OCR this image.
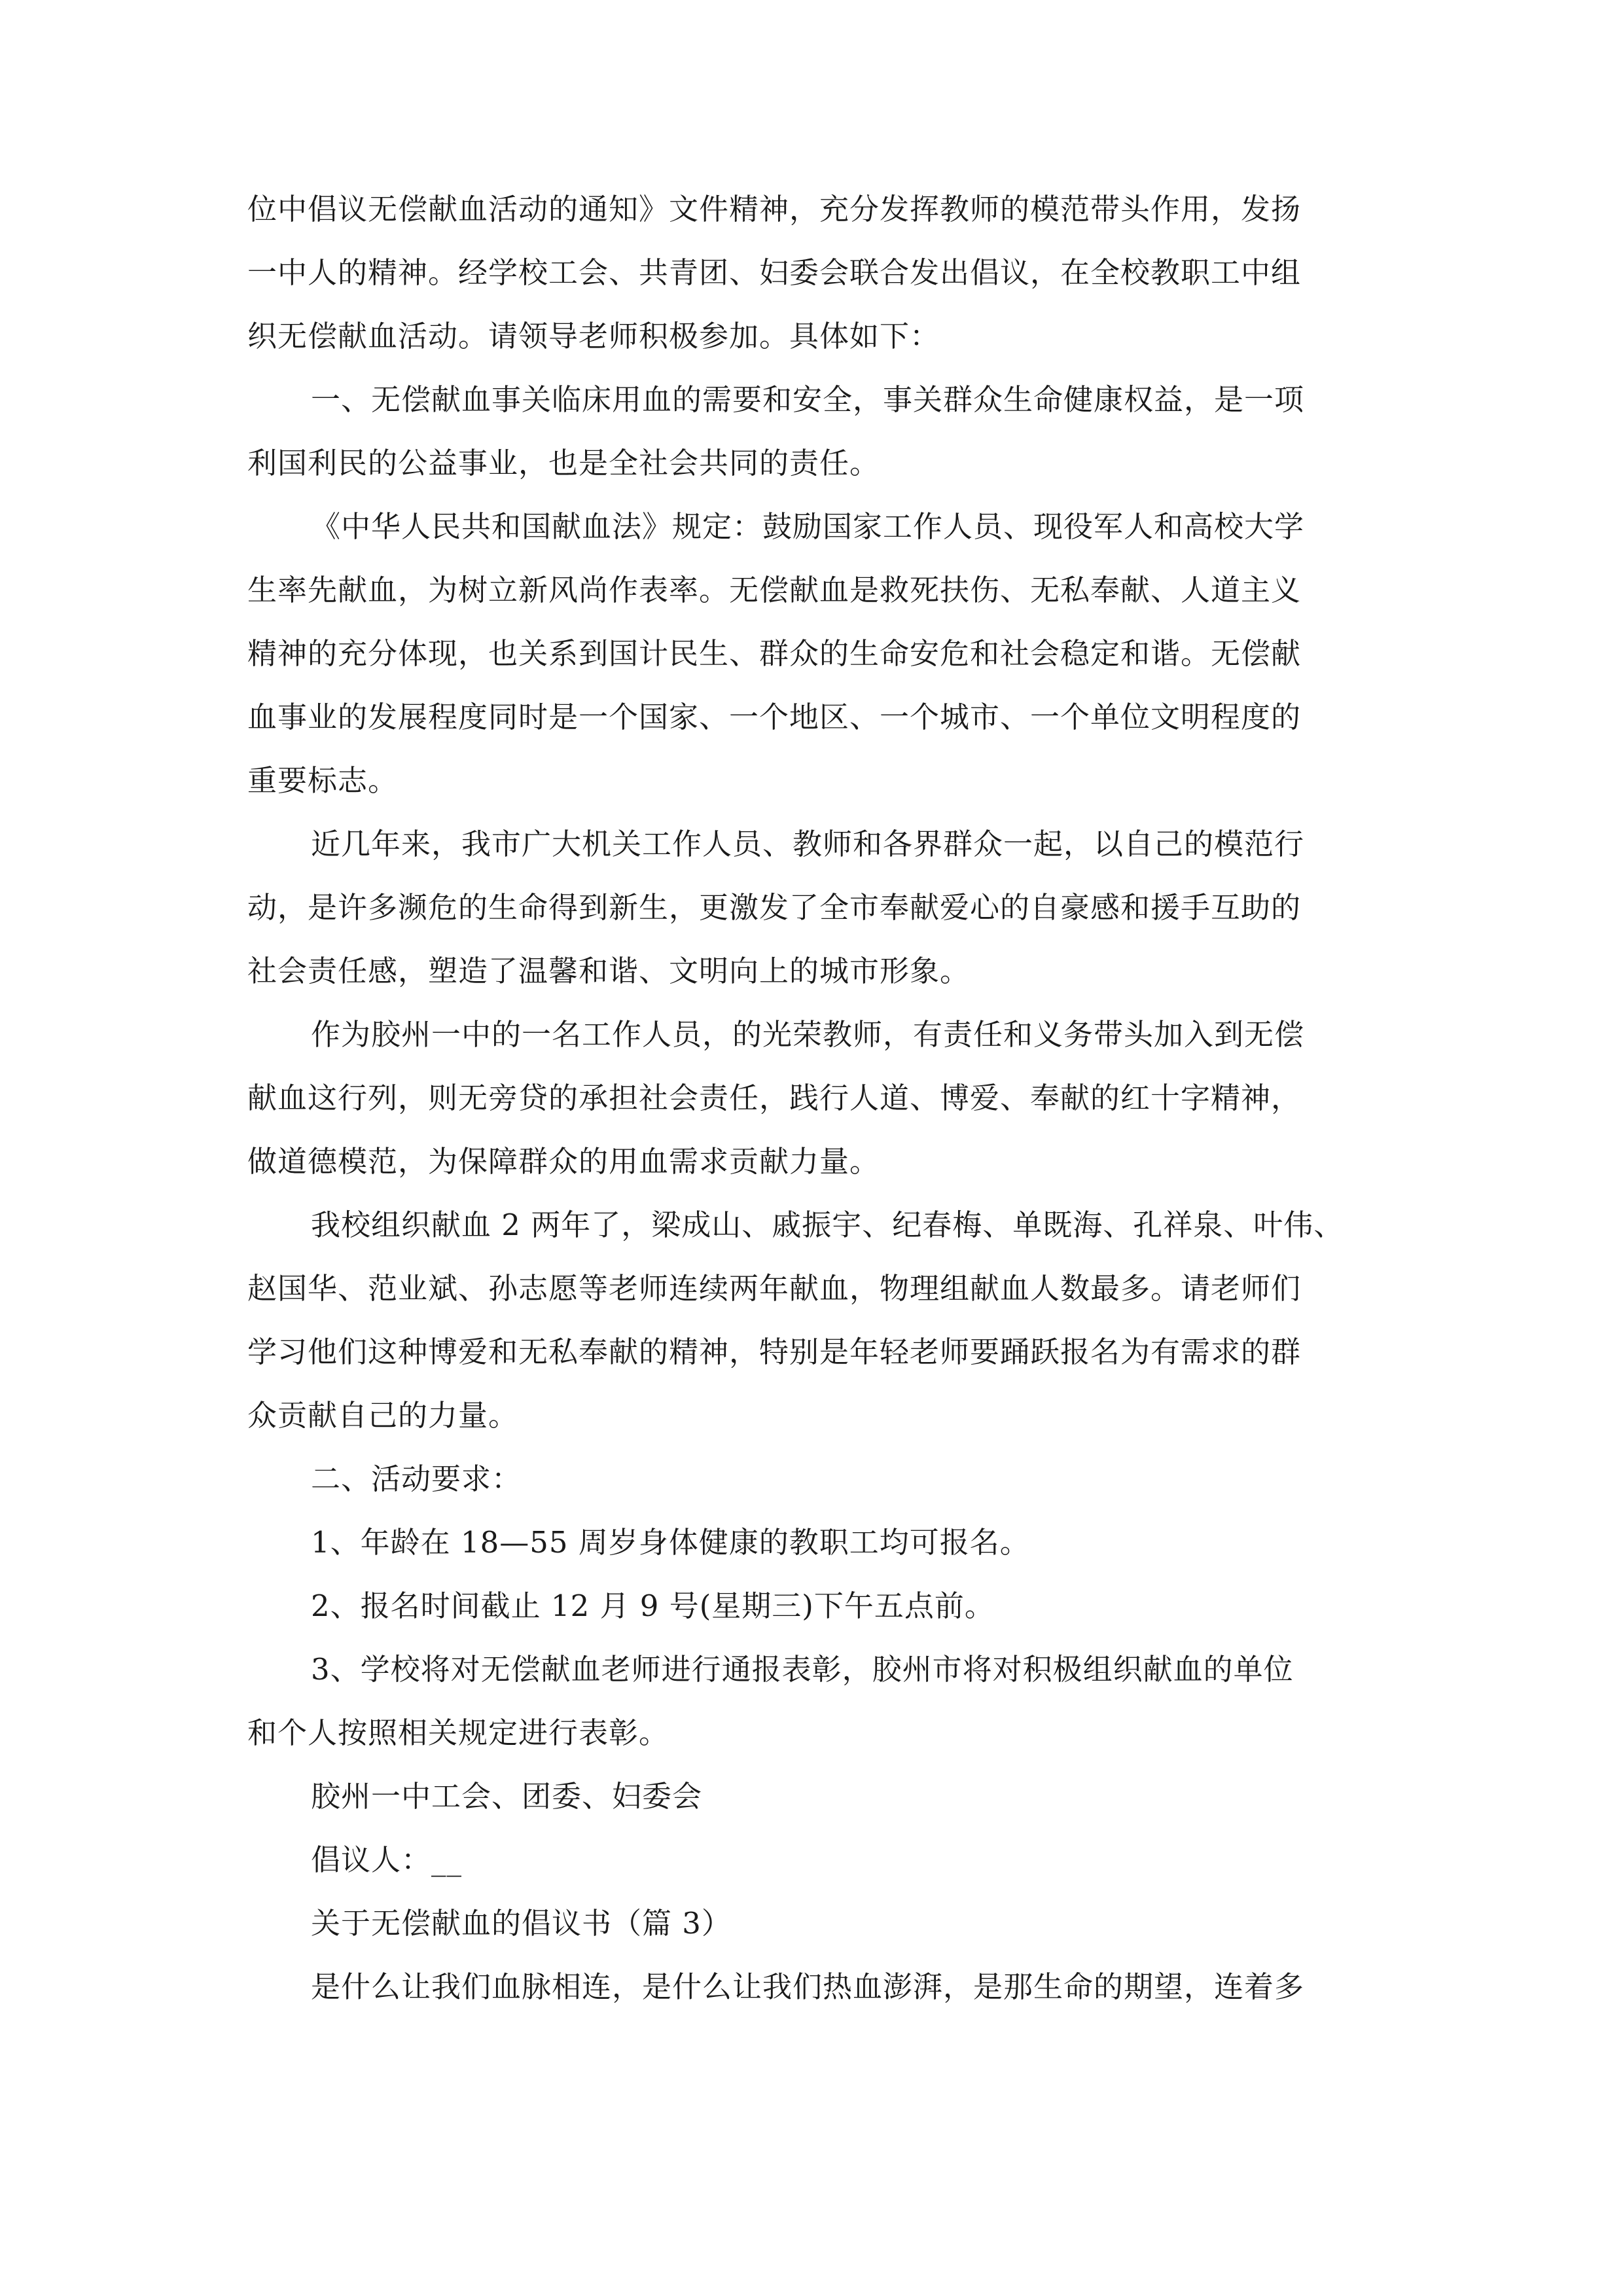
位中倡议无偿献血活动的通知》文件精神，充分发挥教师的模范带头作用，发扬
一中人的精神。经学校工会、共青团、妇委会联合发出倡议，在全校教职工中组
织无偿献血活动。请领导老师积极参加。具体如下：
一、无偿献血事关临床用血的需要和安全，事关群众生命健康权益，是一项
利国利民的公益事业，也是全社会共同的责任。
《中华人民共和国献血法》规定：鼓励国家工作人员、现役军人和高校大学
生率先献血，为树立新风尚作表率。无偿献血是救死扶伤、无私奉献、人道主义
精神的充分体现，也关系到国计民生、群众的生命安危和社会稳定和谐。无偿献
血事业的发展程度同时是一个国家、一个地区、一个城市、一个单位文明程度的
重要标志。
近几年来，我市广大机关工作人员、教师和各界群众一起，以自己的模范行
动，是许多濒危的生命得到新生，更激发了全市奉献爱心的自豪感和援手互助的
社会责任感，塑造了温馨和谐、文明向上的城市形象。
作为胶州一中的一名工作人员，的光荣教师，有责任和义务带头加入到无偿
献血这行列，则无旁贷的承担社会责任，践行人道、博爱、奉献的红十字精神，
做道德模范，为保障群众的用血需求贡献力量。
我校组织献血 2 两年了，梁成山、戚振宇、纪春梅、单既海、孔祥泉、叶伟、
赵国华、范业斌、孙志愿等老师连续两年献血，物理组献血人数最多。请老师们
学习他们这种博爱和无私奉献的精神，特别是年轻老师要踊跃报名为有需求的群
众贡献自己的力量。
二、活动要求：
1、年龄在 18—55 周岁身体健康的教职工均可报名。
2、报名时间截止 12 月 9 号(星期三)下午五点前。
3、学校将对无偿献血老师进行通报表彰，胶州市将对积极组织献血的单位
和个人按照相关规定进行表彰。
胶州一中工会、团委、妇委会
倡议人：__
关于无偿献血的倡议书（篇 3）
是什么让我们血脉相连，是什么让我们热血澎湃，是那生命的期望，连着多
